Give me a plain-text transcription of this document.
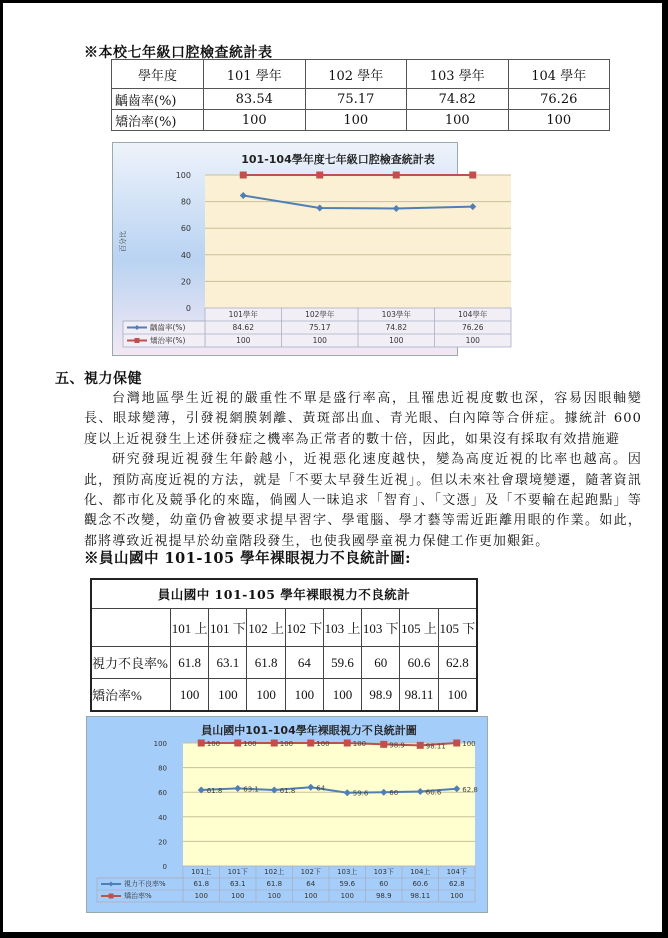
※本校七年級口腔檢查統計表
學年度	101 學年	102 學年	103 學年	104 學年
齲齒率(%)	83.54	75.17	74.82	76.26
矯治率(%)	100	100	100	100
101-104學年度七年級口腔檢查統計表
0
20
40
60
80
100
百分比
101學年	102學年	103學年	104學年
齲齒率(%)	84.62	75.17	74.82	76.26
矯治率(%)	100	100	100	100
五、視力保健

台灣地區學生近視的嚴重性不單是盛行率高，且罹患近視度數也深，容易因眼軸變長、眼球變薄，引發視網膜剝離、黃斑部出血、青光眼、白內障等合併症。據統計 600 度以上近視發生上述併發症之機率為正常者的數十倍，因此，如果沒有採取有效措施避

研究發現近視發生年齡越小，近視惡化速度越快，變為高度近視的比率也越高。因此，預防高度近視的方法，就是「不要太早發生近視」。但以未來社會環境變遷，隨著資訊化、都市化及競爭化的來臨，倘國人一昧追求「智育」、「文憑」及「不要輸在起跑點」等觀念不改變，幼童仍會被要求提早習字、學電腦、學才藝等需近距離用眼的作業。如此，都將導致近視提早於幼童階段發生，也使我國學童視力保健工作更加艱鉅。

※員山國中 101-105 學年裸眼視力不良統計圖:
員山國中 101-105 學年裸眼視力不良統計								
	101 上	101 下	102 上	102 下	103 上	103 下	105 上	105 下
視力不良率%	61.8	63.1	61.8	64	59.6	60	60.6	62.8
矯治率%	100	100	100	100	100	98.9	98.11	100
員山國中101-104學年裸眼視力不良統計圖
0
20
40
60
80
100
61.8	63.1	61.8	64
59.6	60	60.6	62.8
100	100	100	100	100	98.9	98.11 100
101上 101下 102上 102下 103上 103下 104上 104下
視力不良率%	61.8	63.1	61.8	64	59.6	60	60.6	62.8
矯治率%	100	100	100	100	100	98.9	98.11	100
